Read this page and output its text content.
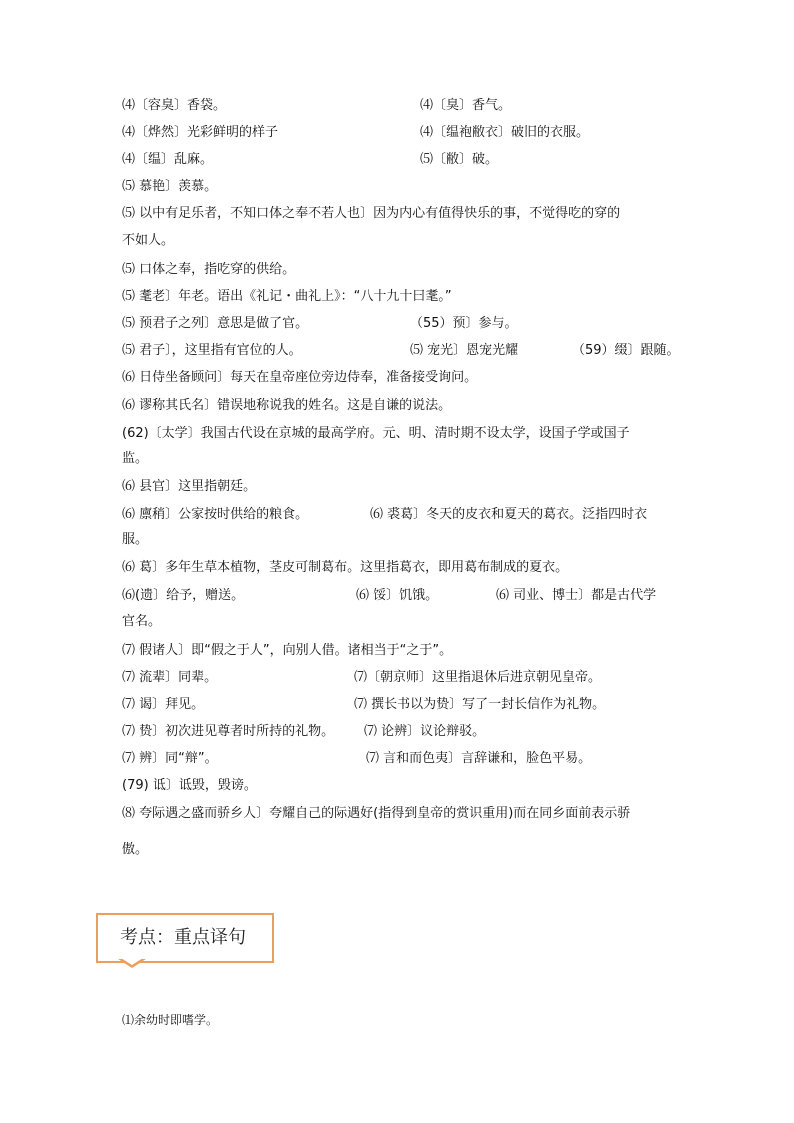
⑷〔容臭〕香袋。	⑷〔臭〕香气。
⑷〔烨然〕光彩鲜明的样子	⑷〔缊袍敝衣〕破旧的衣服。
⑷〔缊〕乱麻。	⑸〔敝〕破。
⑸ 慕艳〕羡慕。
⑸ 以中有足乐者，不知口体之奉不若人也〕因为内心有值得快乐的事，不觉得吃的穿的
不如人。
⑸ 口体之奉，指吃穿的供给。
⑸ 耄老〕年老。语出《礼记・曲礼上》：“八十九十曰耄。”
⑸ 预君子之列〕意思是做了官。	（55）预〕参与。
⑸ 君子〕，这里指有官位的人。	⑸ 宠光〕恩宠光耀	（59）缀〕跟随。
⑹ 日侍坐备顾问〕每天在皇帝座位旁边侍奉，准备接受询问。
⑹ 谬称其氏名〕错误地称说我的姓名。这是自谦的说法。
(62)〔太学〕我国古代设在京城的最高学府。元、明、清时期不设太学，设国子学或国子
监。
⑹ 县官〕这里指朝廷。
⑹ 廪稍〕公家按时供给的粮食。	⑹ 裘葛〕冬天的皮衣和夏天的葛衣。泛指四时衣
服。
⑹ 葛〕多年生草本植物，茎皮可制葛布。这里指葛衣，即用葛布制成的夏衣。
⑹(遗〕给予，赠送。	⑹ 馁〕饥饿。	⑹ 司业、博士〕都是古代学
官名。
⑺ 假诸人〕即“假之于人”，向别人借。诸相当于“之于”。
⑺ 流辈〕同辈。	⑺〔朝京师〕这里指退休后进京朝见皇帝。
⑺ 谒〕拜见。	⑺ 撰长书以为贽〕写了一封长信作为礼物。
⑺ 贽〕初次进见尊者时所持的礼物。 ⑺ 论辨〕议论辩驳。
⑺ 辨〕同“辩”。	⑺ 言和而色夷〕言辞谦和，脸色平易。
(79) 诋〕诋毁，毁谤。
⑻ 夸际遇之盛而骄乡人〕夸耀自己的际遇好(指得到皇帝的赏识重用)而在同乡面前表示骄
傲。
考点：重点译句
⑴余幼时即嗜学。
